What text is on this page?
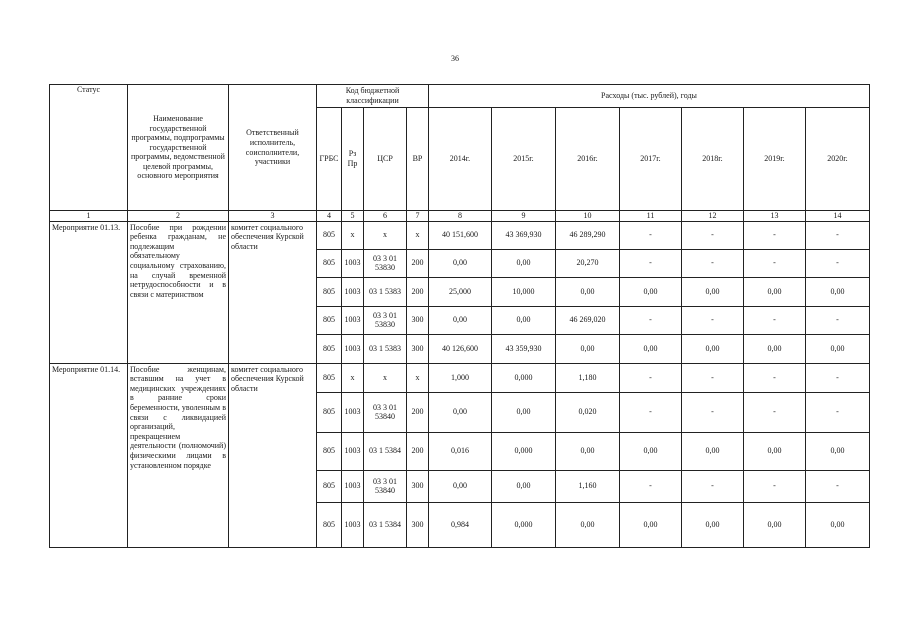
36
Статус	Наименование государственной программы, подпрограммы государственной программы, ведомственной целевой программы, основного мероприятия	Ответственный исполнитель, соисполнители, участники	Код бюджетной классификации				Расходы (тыс. рублей), годы						
			ГРБС	Рз Пр	ЦСР	ВР	2014г.	2015г.	2016г.	2017г.	2018г.	2019г.	2020г.
1	2	3	4	5	6	7	8	9	10	11	12	13	14
Мероприятие 01.13.	Пособие при рождении ребенка гражданам, не подлежащим обязательному социальному страхованию, на случай временной нетрудоспособности и в связи с материнством	комитет социального обеспечения Курской области	805	x	x	x	40 151,600	43 369,930	46 289,290	-	-	-	-
			805	1003	03 3 01 53830	200	0,00	0,00	20,270	-	-	-	-
			805	1003	03 1 5383	200	25,000	10,000	0,00	0,00	0,00	0,00	0,00
			805	1003	03 3 01 53830	300	0,00	0,00	46 269,020	-	-	-	-
			805	1003	03 1 5383	300	40 126,600	43 359,930	0,00	0,00	0,00	0,00	0,00
Мероприятие 01.14.	Пособие женщинам, вставшим на учет в медицинских учреждениях в ранние сроки беременности, уволенным в связи с ликвидацией организаций, прекращением деятельности (полномочий) физическими лицами в установленном порядке	комитет социального обеспечения Курской области	805	x	x	x	1,000	0,000	1,180	-	-	-	-
			805	1003	03 3 01 53840	200	0,00	0,00	0,020	-	-	-	-
			805	1003	03 1 5384	200	0,016	0,000	0,00	0,00	0,00	0,00	0,00
			805	1003	03 3 01 53840	300	0,00	0,00	1,160	-	-	-	-
			805	1003	03 1 5384	300	0,984	0,000	0,00	0,00	0,00	0,00	0,00
